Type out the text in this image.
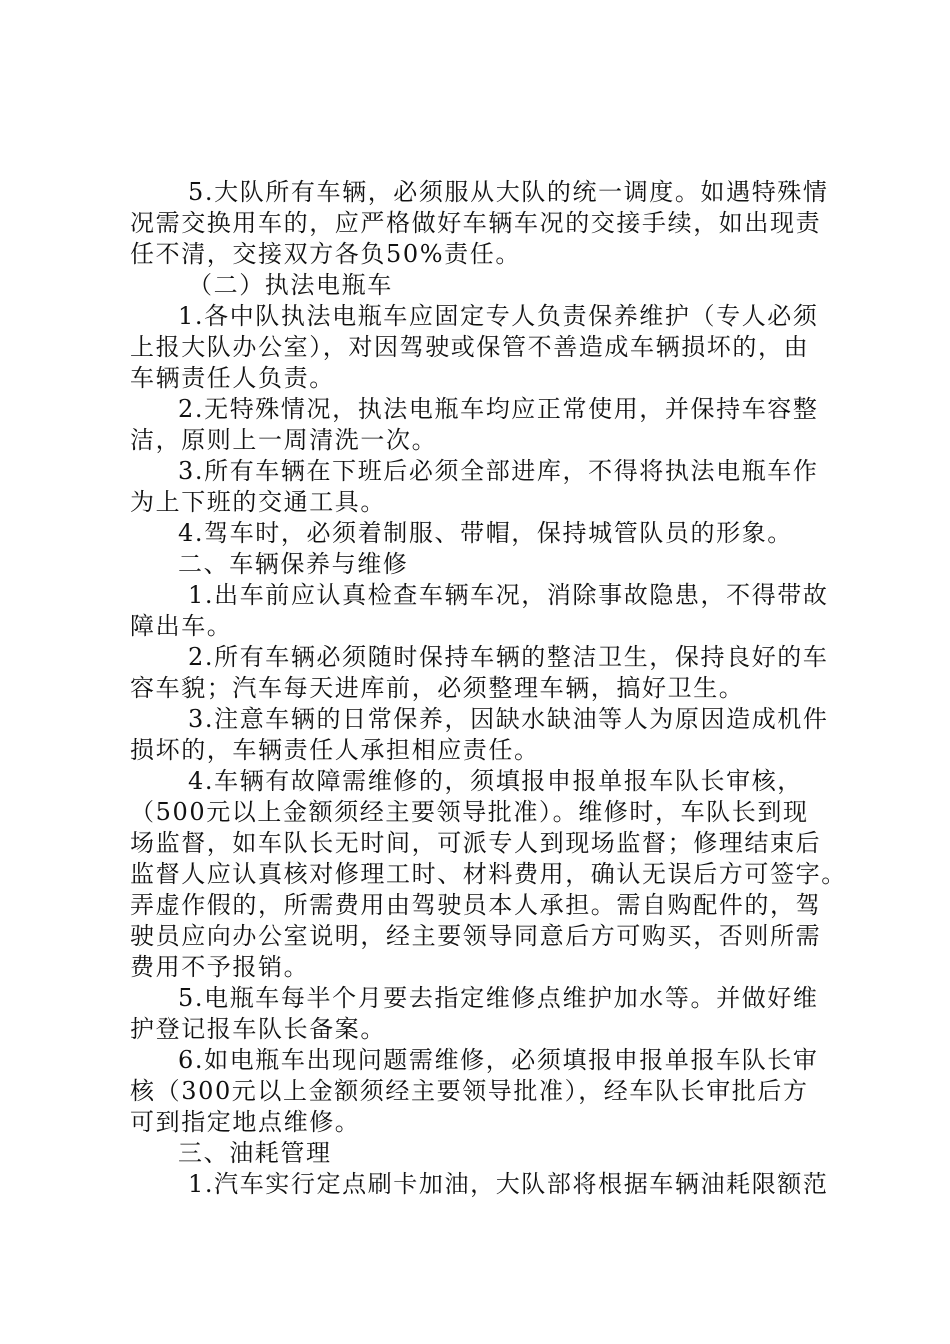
5.大队所有车辆，必须服从大队的统一调度。如遇特殊情
况需交换用车的，应严格做好车辆车况的交接手续，如出现责
任不清，交接双方各负50%责任。
（二）执法电瓶车
1.各中队执法电瓶车应固定专人负责保养维护（专人必须
上报大队办公室），对因驾驶或保管不善造成车辆损坏的，由
车辆责任人负责。
2.无特殊情况，执法电瓶车均应正常使用，并保持车容整
洁，原则上一周清洗一次。
3.所有车辆在下班后必须全部进库，不得将执法电瓶车作
为上下班的交通工具。
4.驾车时，必须着制服、带帽，保持城管队员的形象。
二、车辆保养与维修
1.出车前应认真检查车辆车况，消除事故隐患，不得带故
障出车。
2.所有车辆必须随时保持车辆的整洁卫生，保持良好的车
容车貌；汽车每天进库前，必须整理车辆，搞好卫生。
3.注意车辆的日常保养，因缺水缺油等人为原因造成机件
损坏的，车辆责任人承担相应责任。
4.车辆有故障需维修的，须填报申报单报车队长审核，
（500元以上金额须经主要领导批准）。维修时，车队长到现
场监督，如车队长无时间，可派专人到现场监督；修理结束后
监督人应认真核对修理工时、材料费用，确认无误后方可签字。
弄虚作假的，所需费用由驾驶员本人承担。需自购配件的，驾
驶员应向办公室说明，经主要领导同意后方可购买，否则所需
费用不予报销。
5.电瓶车每半个月要去指定维修点维护加水等。并做好维
护登记报车队长备案。
6.如电瓶车出现问题需维修，必须填报申报单报车队长审
核（300元以上金额须经主要领导批准），经车队长审批后方
可到指定地点维修。
三、油耗管理
1.汽车实行定点刷卡加油，大队部将根据车辆油耗限额范
